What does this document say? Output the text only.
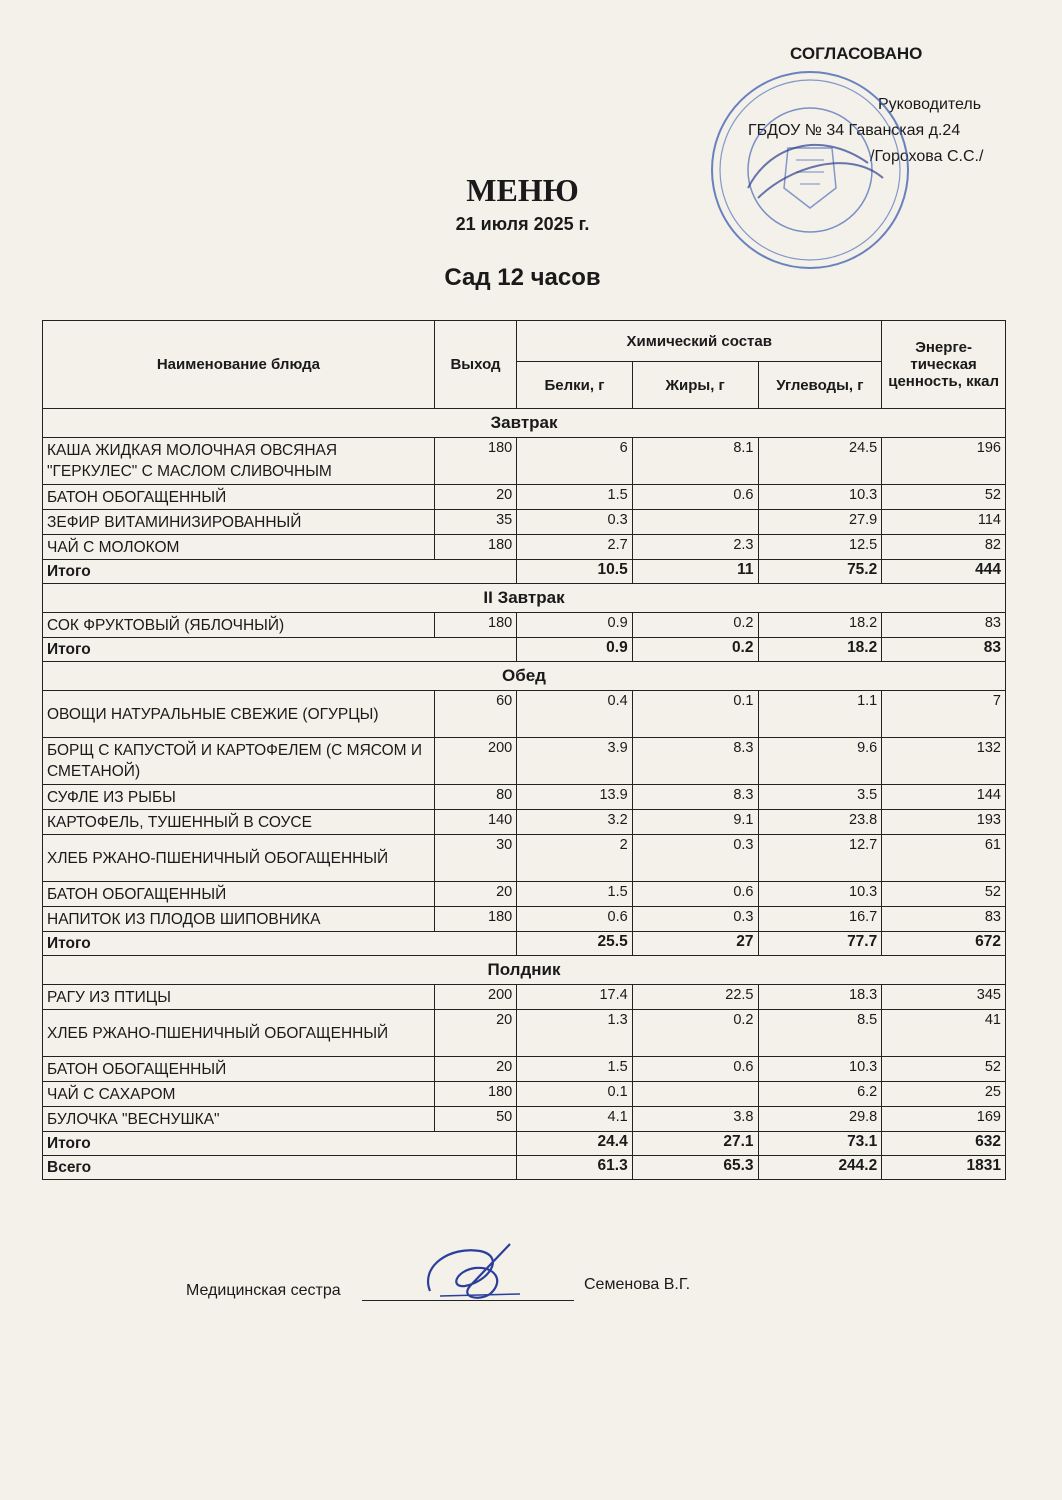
СОГЛАСОВАНО
Руководитель
ГБДОУ № 34 Гаванская д.24
/Горохова С.С./
МЕНЮ
21 июля 2025 г.
Сад 12 часов
Наименование блюда	Выход	Химический состав			Энерге-тическая ценность, ккал
		Белки, г	Жиры, г	Углеводы, г	
Завтрак					
КАША ЖИДКАЯ МОЛОЧНАЯ ОВСЯНАЯ "ГЕРКУЛЕС" С МАСЛОМ СЛИВОЧНЫМ	180	6	8.1	24.5	196
БАТОН ОБОГАЩЕННЫЙ	20	1.5	0.6	10.3	52
ЗЕФИР ВИТАМИНИЗИРОВАННЫЙ	35	0.3		27.9	114
ЧАЙ С МОЛОКОМ	180	2.7	2.3	12.5	82
Итого		10.5	11	75.2	444
II Завтрак					
СОК ФРУКТОВЫЙ (ЯБЛОЧНЫЙ)	180	0.9	0.2	18.2	83
Итого		0.9	0.2	18.2	83
Обед					
ОВОЩИ НАТУРАЛЬНЫЕ СВЕЖИЕ (ОГУРЦЫ)	60	0.4	0.1	1.1	7
БОРЩ С КАПУСТОЙ И КАРТОФЕЛЕМ (С МЯСОМ И СМЕТАНОЙ)	200	3.9	8.3	9.6	132
СУФЛЕ ИЗ РЫБЫ	80	13.9	8.3	3.5	144
КАРТОФЕЛЬ, ТУШЕННЫЙ В СОУСЕ	140	3.2	9.1	23.8	193
ХЛЕБ РЖАНО-ПШЕНИЧНЫЙ ОБОГАЩЕННЫЙ	30	2	0.3	12.7	61
БАТОН ОБОГАЩЕННЫЙ	20	1.5	0.6	10.3	52
НАПИТОК ИЗ ПЛОДОВ ШИПОВНИКА	180	0.6	0.3	16.7	83
Итого		25.5	27	77.7	672
Полдник					
РАГУ ИЗ ПТИЦЫ	200	17.4	22.5	18.3	345
ХЛЕБ РЖАНО-ПШЕНИЧНЫЙ ОБОГАЩЕННЫЙ	20	1.3	0.2	8.5	41
БАТОН ОБОГАЩЕННЫЙ	20	1.5	0.6	10.3	52
ЧАЙ С САХАРОМ	180	0.1		6.2	25
БУЛОЧКА "ВЕСНУШКА"	50	4.1	3.8	29.8	169
Итого		24.4	27.1	73.1	632
Всего		61.3	65.3	244.2	1831
Медицинская сестра	Семенова В.Г.
